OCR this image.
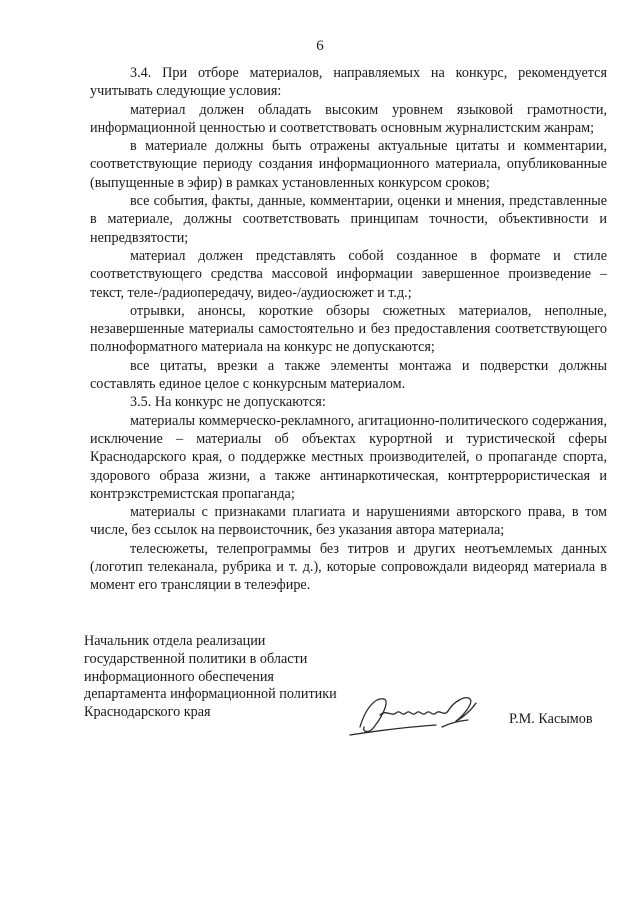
6

3.4. При отборе материалов, направляемых на конкурс, рекомендуется учитывать следующие условия:

материал должен обладать высоким уровнем языковой грамотности, информационной ценностью и соответствовать основным журналистским жанрам;

в материале должны быть отражены актуальные цитаты и комментарии, соответствующие периоду создания информационного материала, опубликованные (выпущенные в эфир) в рамках установленных конкурсом сроков;

все события, факты, данные, комментарии, оценки и мнения, представленные в материале, должны соответствовать принципам точности, объективности и непредвзятости;

материал должен представлять собой созданное в формате и стиле соответствующего средства массовой информации завершенное произведение – текст, теле-/радиопередачу, видео-/аудиосюжет и т.д.;

отрывки, анонсы, короткие обзоры сюжетных материалов, неполные, незавершенные материалы самостоятельно и без предоставления соответствующего полноформатного материала на конкурс не допускаются;

все цитаты, врезки а также элементы монтажа и подверстки должны составлять единое целое с конкурсным материалом.

3.5. На конкурс не допускаются:

материалы коммерческо-рекламного, агитационно-политического содержания, исключение – материалы об объектах курортной и туристической сферы Краснодарского края, о поддержке местных производителей, о пропаганде спорта, здорового образа жизни, а также антинаркотическая, контртеррористическая и контрэкстремистская пропаганда;

материалы с признаками плагиата и нарушениями авторского права, в том числе, без ссылок на первоисточник, без указания автора материала;

телесюжеты, телепрограммы без титров и других неотъемлемых данных (логотип телеканала, рубрика и т. д.), которые сопровождали видеоряд материала в момент его трансляции в телеэфире.

Начальник отдела реализации
государственной политики в области
информационного обеспечения
департамента информационной политики
Краснодарского края	Р.М. Касымов
